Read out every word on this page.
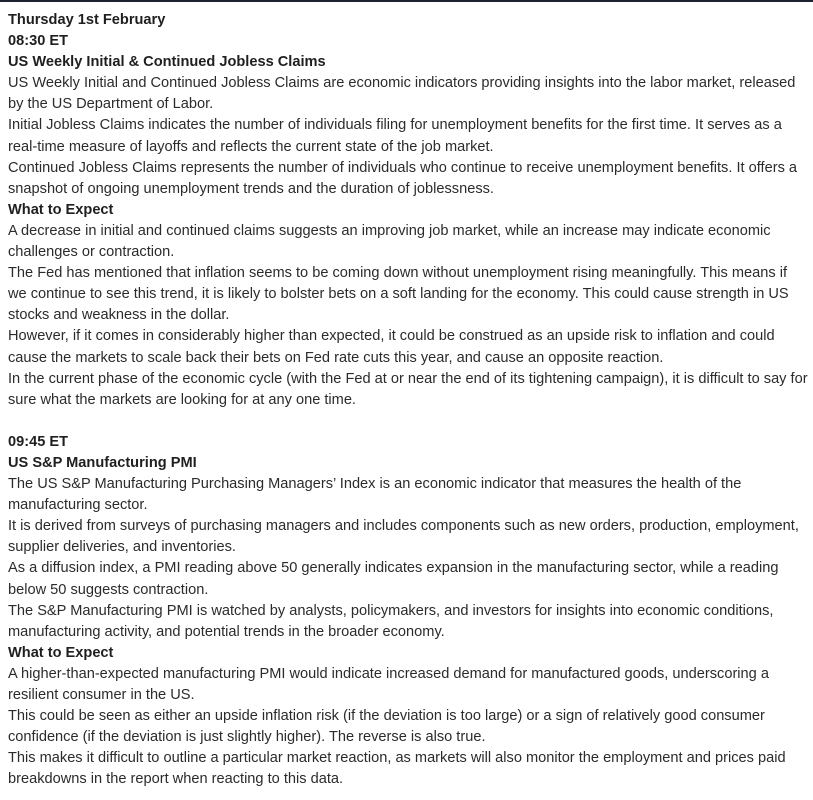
Thursday 1st February

08:30 ET

US Weekly Initial & Continued Jobless Claims

US Weekly Initial and Continued Jobless Claims are economic indicators providing insights into the labor market, released by the US Department of Labor.

Initial Jobless Claims indicates the number of individuals filing for unemployment benefits for the first time. It serves as a real-time measure of layoffs and reflects the current state of the job market.

Continued Jobless Claims represents the number of individuals who continue to receive unemployment benefits. It offers a snapshot of ongoing unemployment trends and the duration of joblessness.

What to Expect

A decrease in initial and continued claims suggests an improving job market, while an increase may indicate economic challenges or contraction.

The Fed has mentioned that inflation seems to be coming down without unemployment rising meaningfully. This means if we continue to see this trend, it is likely to bolster bets on a soft landing for the economy. This could cause strength in US stocks and weakness in the dollar.

However, if it comes in considerably higher than expected, it could be construed as an upside risk to inflation and could cause the markets to scale back their bets on Fed rate cuts this year, and cause an opposite reaction.

In the current phase of the economic cycle (with the Fed at or near the end of its tightening campaign), it is difficult to say for sure what the markets are looking for at any one time.

09:45 ET

US S&P Manufacturing PMI

The US S&P Manufacturing Purchasing Managers’ Index is an economic indicator that measures the health of the manufacturing sector.

It is derived from surveys of purchasing managers and includes components such as new orders, production, employment, supplier deliveries, and inventories.

As a diffusion index, a PMI reading above 50 generally indicates expansion in the manufacturing sector, while a reading below 50 suggests contraction.

The S&P Manufacturing PMI is watched by analysts, policymakers, and investors for insights into economic conditions, manufacturing activity, and potential trends in the broader economy.

What to Expect

A higher-than-expected manufacturing PMI would indicate increased demand for manufactured goods, underscoring a resilient consumer in the US.

This could be seen as either an upside inflation risk (if the deviation is too large) or a sign of relatively good consumer confidence (if the deviation is just slightly higher). The reverse is also true.

This makes it difficult to outline a particular market reaction, as markets will also monitor the employment and prices paid breakdowns in the report when reacting to this data.
